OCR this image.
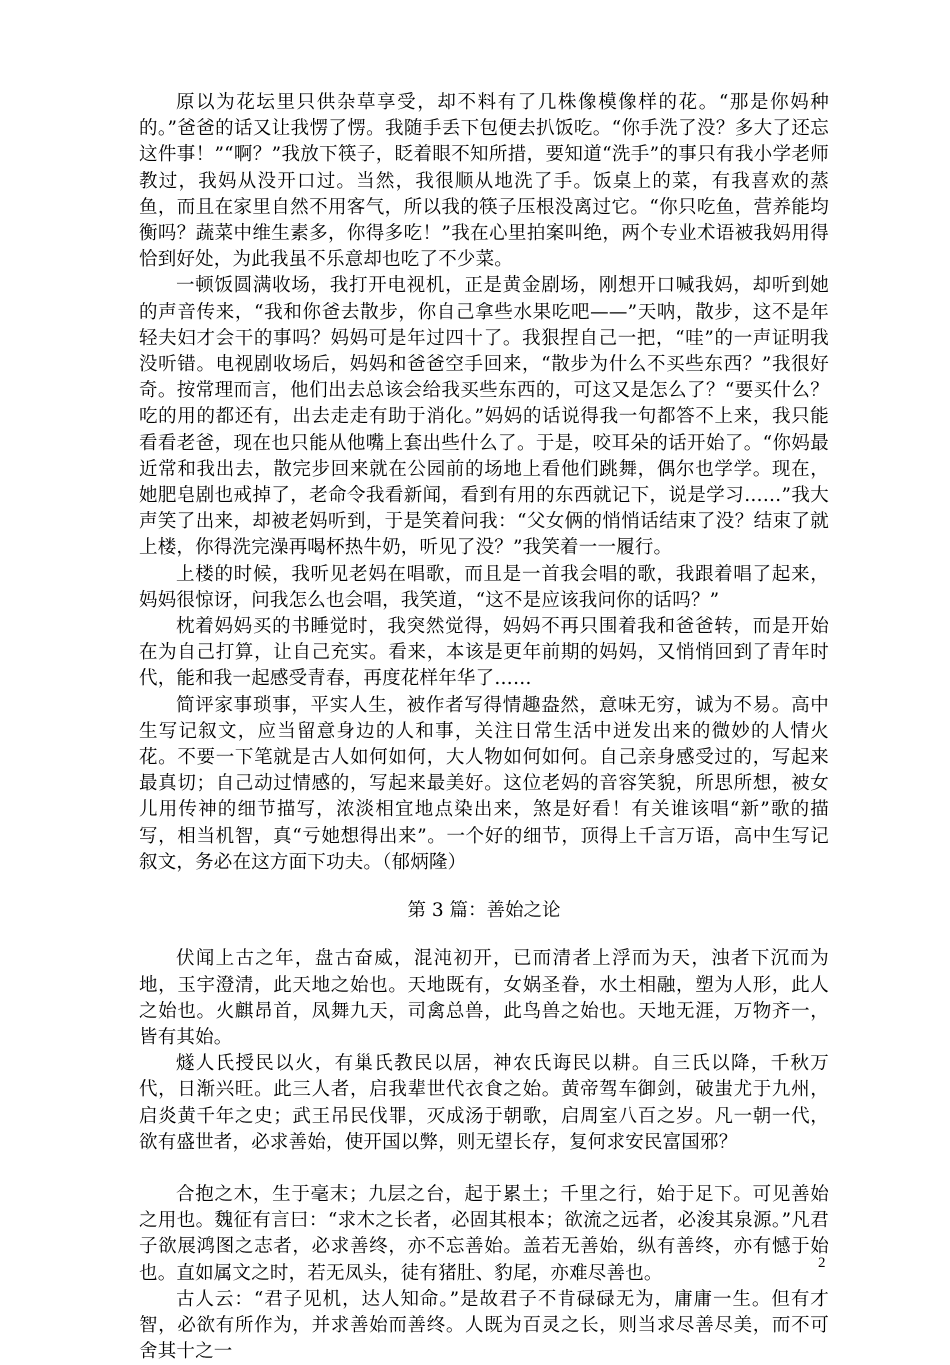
原以为花坛里只供杂草享受，却不料有了几株像模像样的花。“那是你妈种的。”爸爸的话又让我愣了愣。我随手丢下包便去扒饭吃。“你手洗了没？多大了还忘这件事！”“啊？”我放下筷子，眨着眼不知所措，要知道“洗手”的事只有我小学老师教过，我妈从没开口过。当然，我很顺从地洗了手。饭桌上的菜，有我喜欢的蒸鱼，而且在家里自然不用客气，所以我的筷子压根没离过它。“你只吃鱼，营养能均衡吗？蔬菜中维生素多，你得多吃！”我在心里拍案叫绝，两个专业术语被我妈用得恰到好处，为此我虽不乐意却也吃了不少菜。

一顿饭圆满收场，我打开电视机，正是黄金剧场，刚想开口喊我妈，却听到她的声音传来，“我和你爸去散步，你自己拿些水果吃吧——”天呐，散步，这不是年轻夫妇才会干的事吗？妈妈可是年过四十了。我狠捏自己一把，“哇”的一声证明我没听错。电视剧收场后，妈妈和爸爸空手回来，“散步为什么不买些东西？”我很好奇。按常理而言，他们出去总该会给我买些东西的，可这又是怎么了？“要买什么？吃的用的都还有，出去走走有助于消化。”妈妈的话说得我一句都答不上来，我只能看看老爸，现在也只能从他嘴上套出些什么了。于是，咬耳朵的话开始了。“你妈最近常和我出去，散完步回来就在公园前的场地上看他们跳舞，偶尔也学学。现在，她肥皂剧也戒掉了，老命令我看新闻，看到有用的东西就记下，说是学习……”我大声笑了出来，却被老妈听到，于是笑着问我：“父女俩的悄悄话结束了没？结束了就上楼，你得洗完澡再喝杯热牛奶，听见了没？”我笑着一一履行。

上楼的时候，我听见老妈在唱歌，而且是一首我会唱的歌，我跟着唱了起来，妈妈很惊讶，问我怎么也会唱，我笑道，“这不是应该我问你的话吗？”

枕着妈妈买的书睡觉时，我突然觉得，妈妈不再只围着我和爸爸转，而是开始在为自己打算，让自己充实。看来，本该是更年前期的妈妈，又悄悄回到了青年时代，能和我一起感受青春，再度花样年华了……

简评家事琐事，平实人生，被作者写得情趣盎然，意味无穷，诚为不易。高中生写记叙文，应当留意身边的人和事，关注日常生活中迸发出来的微妙的人情火花。不要一下笔就是古人如何如何，大人物如何如何。自己亲身感受过的，写起来最真切；自己动过情感的，写起来最美好。这位老妈的音容笑貌，所思所想，被女儿用传神的细节描写，浓淡相宜地点染出来，煞是好看！有关谁该唱“新”歌的描写，相当机智，真“亏她想得出来”。一个好的细节，顶得上千言万语，高中生写记叙文，务必在这方面下功夫。（郁炳隆）

第 3 篇：善始之论

伏闻上古之年，盘古奋威，混沌初开，已而清者上浮而为天，浊者下沉而为地，玉宇澄清，此天地之始也。天地既有，女娲圣眷，水土相融，塑为人形，此人之始也。火麒昂首，凤舞九天，司禽总兽，此鸟兽之始也。天地无涯，万物齐一，皆有其始。

燧人氏授民以火，有巢氏教民以居，神农氏诲民以耕。自三氏以降，千秋万代，日渐兴旺。此三人者，启我辈世代衣食之始。黄帝驾车御剑，破蚩尤于九州，启炎黄千年之史；武王吊民伐罪，灭成汤于朝歌，启周室八百之岁。凡一朝一代，欲有盛世者，必求善始，使开国以弊，则无望长存，复何求安民富国邪？

合抱之木，生于毫末；九层之台，起于累土；千里之行，始于足下。可见善始之用也。魏征有言曰：“求木之长者，必固其根本；欲流之远者，必浚其泉源。”凡君子欲展鸿图之志者，必求善终，亦不忘善始。盖若无善始，纵有善终，亦有憾于始也。直如属文之时，若无凤头，徒有猪肚、豹尾，亦难尽善也。

古人云：“君子见机，达人知命。”是故君子不肯碌碌无为，庸庸一生。但有才智，必欲有所作为，并求善始而善终。人既为百灵之长，则当求尽善尽美，而不可舍其十之一

2
